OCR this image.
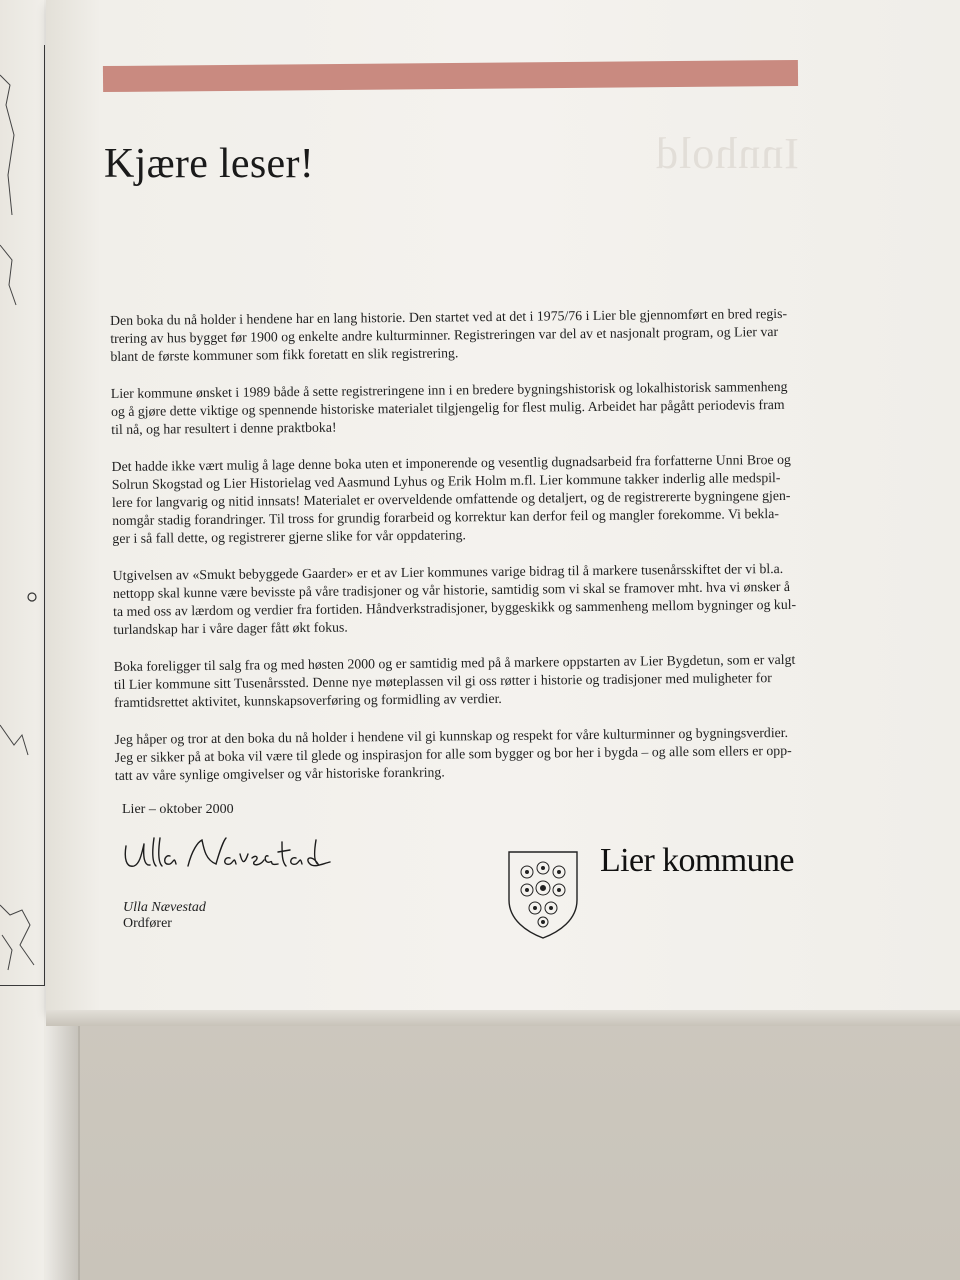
Innhold
Kjære leser!

Den boka du nå holder i hendene har en lang historie. Den startet ved at det i 1975/76 i Lier ble gjennomført en bred regis-
trering av hus bygget før 1900 og enkelte andre kulturminner. Registreringen var del av et nasjonalt program, og Lier var
blant de første kommuner som fikk foretatt en slik registrering.

Lier kommune ønsket i 1989 både å sette registreringene inn i en bredere bygningshistorisk og lokalhistorisk sammenheng
og å gjøre dette viktige og spennende historiske materialet tilgjengelig for flest mulig. Arbeidet har pågått periodevis fram
til nå, og har resultert i denne praktboka!

Det hadde ikke vært mulig å lage denne boka uten et imponerende og vesentlig dugnadsarbeid fra forfatterne Unni Broe og
Solrun Skogstad og Lier Historielag ved Aasmund Lyhus og Erik Holm m.fl. Lier kommune takker inderlig alle medspil-
lere for langvarig og nitid innsats! Materialet er overveldende omfattende og detaljert, og de registrererte bygningene gjen-
nomgår stadig forandringer. Til tross for grundig forarbeid og korrektur kan derfor feil og mangler forekomme. Vi bekla-
ger i så fall dette, og registrerer gjerne slike for vår oppdatering.

Utgivelsen av «Smukt bebyggede Gaarder» er et av Lier kommunes varige bidrag til å markere tusenårsskiftet der vi bl.a.
nettopp skal kunne være bevisste på våre tradisjoner og vår historie, samtidig som vi skal se framover mht. hva vi ønsker å
ta med oss av lærdom og verdier fra fortiden. Håndverkstradisjoner, byggeskikk og sammenheng mellom bygninger og kul-
turlandskap har i våre dager fått økt fokus.

Boka foreligger til salg fra og med høsten 2000 og er samtidig med på å markere oppstarten av Lier Bygdetun, som er valgt
til Lier kommune sitt Tusenårssted. Denne nye møteplassen vil gi oss røtter i historie og tradisjoner med muligheter for
framtidsrettet aktivitet, kunnskapsoverføring og formidling av verdier.

Jeg håper og tror at den boka du nå holder i hendene vil gi kunnskap og respekt for våre kulturminner og bygningsverdier.
Jeg er sikker på at boka vil være til glede og inspirasjon for alle som bygger og bor her i bygda – og alle som ellers er opp-
tatt av våre synlige omgivelser og vår historiske forankring.

Lier – oktober 2000
Ulla Nævestad
Ordfører
Lier kommune
